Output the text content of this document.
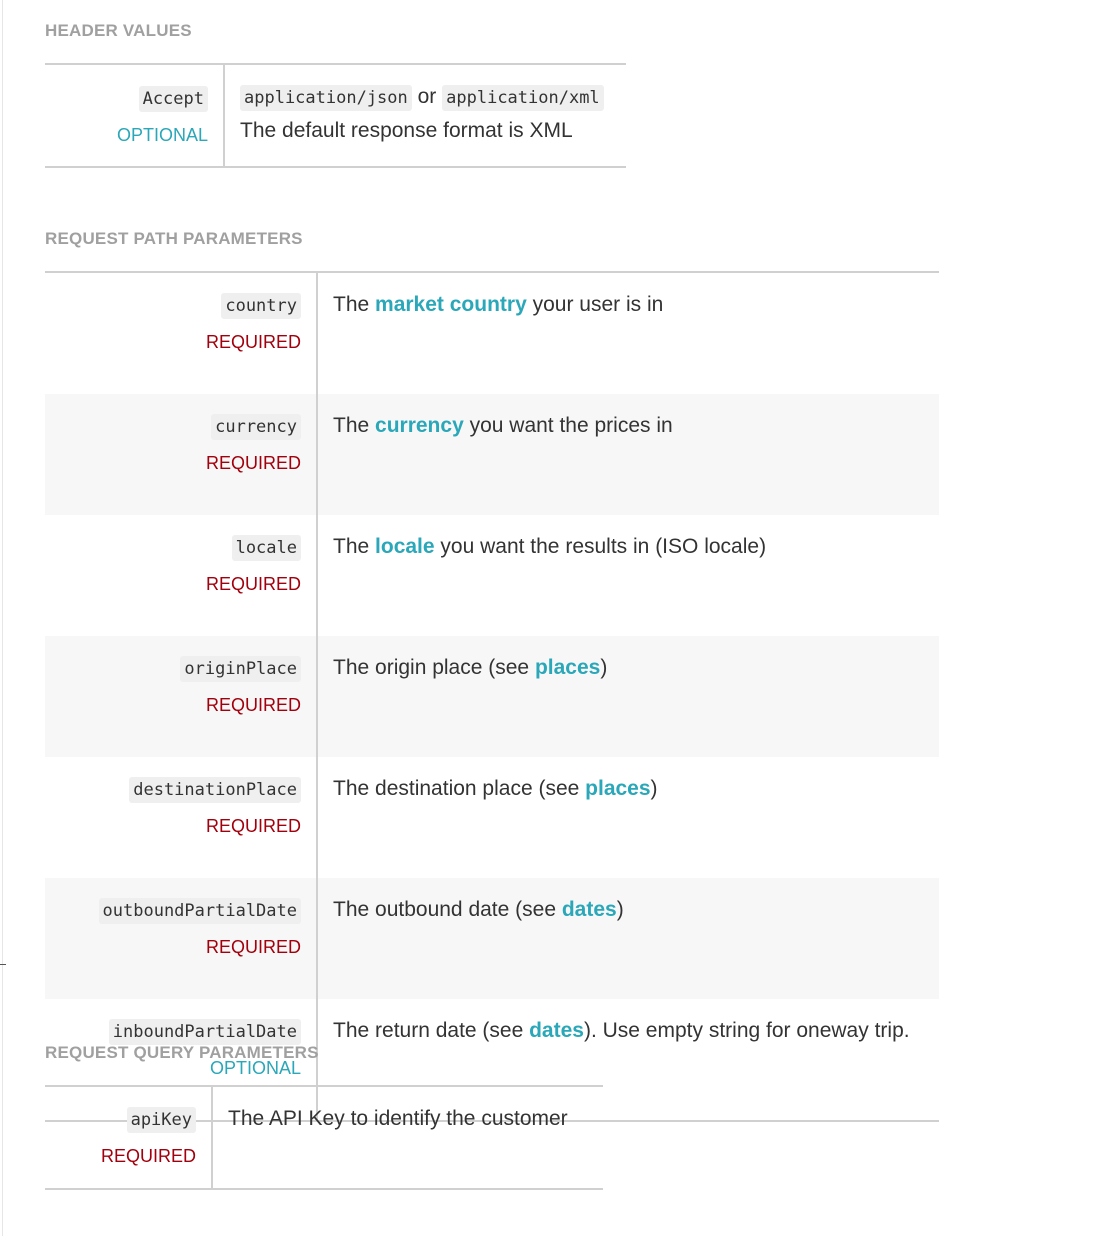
HEADER VALUES
Accept
OPTIONAL
	application/json or application/xml
The default response format is XML
REQUEST PATH PARAMETERS
country
REQUIRED	The market country your user is in
currency
REQUIRED	The currency you want the prices in
locale
REQUIRED	The locale you want the results in (ISO locale)
originPlace
REQUIRED	The origin place (see places)
destinationPlace
REQUIRED	The destination place (see places)
outboundPartialDate
REQUIRED	The outbound date (see dates)
inboundPartialDate
OPTIONAL	The return date (see dates). Use empty string for oneway trip.
REQUEST QUERY PARAMETERS
apiKey
REQUIRED
	The API Key to identify the customer
